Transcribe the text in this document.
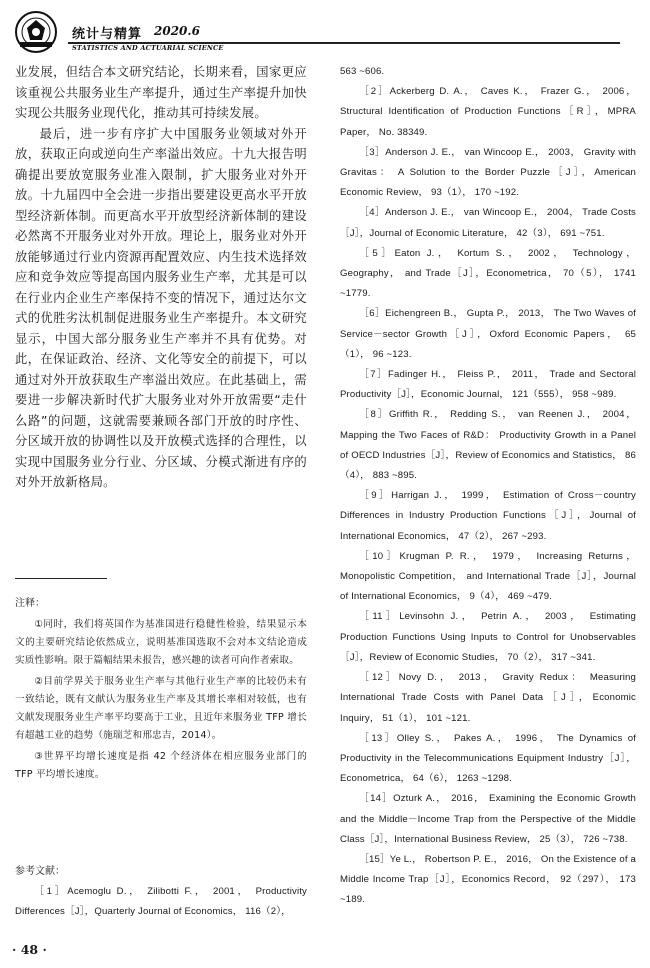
统计与精算 2020.6
STATISTICS AND ACTUARIAL SCIENCE

业发展，但结合本文研究结论，长期来看，国家更应该重视公共服务业生产率提升，通过生产率提升加快实现公共服务业现代化，推动其可持续发展。

最后，进一步有序扩大中国服务业领域对外开放，获取正向或逆向生产率溢出效应。十九大报告明确提出要放宽服务业准入限制，扩大服务业对外开放。十九届四中全会进一步指出要建设更高水平开放型经济新体制。而更高水平开放型经济新体制的建设必然离不开服务业对外开放。理论上，服务业对外开放能够通过行业内资源再配置效应、内生技术选择效应和竞争效应等提高国内服务业生产率，尤其是可以在行业内企业生产率保持不变的情况下，通过达尔文式的优胜劣汰机制促进服务业生产率提升。本文研究显示，中国大部分服务业生产率并不具有优势。对此，在保证政治、经济、文化等安全的前提下，可以通过对外开放获取生产率溢出效应。在此基础上，需要进一步解决新时代扩大服务业对外开放需要“走什么路”的问题，这就需要兼顾各部门开放的时序性、分区域开放的协调性以及开放模式选择的合理性，以实现中国服务业分行业、分区域、分模式渐进有序的对外开放新格局。

注释：

①同时，我们将英国作为基准国进行稳健性检验，结果显示本文的主要研究结论依然成立，说明基准国选取不会对本文结论造成实质性影响。限于篇幅结果未报告，感兴趣的读者可向作者索取。

②目前学界关于服务业生产率与其他行业生产率的比较仍未有一致结论，既有文献认为服务业生产率及其增长率相对较低，也有文献发现服务业生产率平均要高于工业，且近年来服务业 TFP 增长有超越工业的趋势（施瑞芝和邢忠吉，2014）。

③世界平均增长速度是指 42 个经济体在相应服务业部门的 TFP 平均增长速度。

参考文献：

［1］Acemoglu D.， Zilibotti F.， 2001， Productivity Differences［J］，Quarterly Journal of Economics， 116（2），

563 ~606.

［2］Ackerberg D. A.， Caves K.， Frazer G.， 2006， Structural Identification of Production Functions［R］，MPRA Paper， No. 38349.

［3］Anderson J. E.， van Wincoop E.， 2003， Gravity with Gravitas： A Solution to the Border Puzzle［J］，American Economic Review， 93（1）， 170 ~192.

［4］Anderson J. E.， van Wincoop E.， 2004， Trade Costs［J］，Journal of Economic Literature， 42（3）， 691 ~751.

［5］Eaton J.， Kortum S.， 2002， Technology， Geography， and Trade［J］，Econometrica， 70（5）， 1741 ~1779.

［6］Eichengreen B.， Gupta P.， 2013， The Two Waves of Service－sector Growth［J］，Oxford Economic Papers， 65（1）， 96 ~123.

［7］Fadinger H.， Fleiss P.， 2011， Trade and Sectoral Productivity［J］，Economic Journal， 121（555）， 958 ~989.

［8］Griffith R.， Redding S.， van Reenen J.， 2004， Mapping the Two Faces of R&D： Productivity Growth in a Panel of OECD Industries［J］，Review of Economics and Statistics， 86（4）， 883 ~895.

［9］Harrigan J.， 1999， Estimation of Cross－country Differences in Industry Production Functions［J］，Journal of International Economics， 47（2）， 267 ~293.

［10］Krugman P. R.， 1979， Increasing Returns， Monopolistic Competition， and International Trade［J］，Journal of International Economics， 9（4）， 469 ~479.

［11］Levinsohn J.， Petrin A.， 2003， Estimating Production Functions Using Inputs to Control for Unobservables［J］，Review of Economic Studies， 70（2）， 317 ~341.

［12］Novy D.， 2013， Gravity Redux： Measuring International Trade Costs with Panel Data［J］，Economic Inquiry， 51（1）， 101 ~121.

［13］Olley S.， Pakes A.， 1996， The Dynamics of Productivity in the Telecommunications Equipment Industry［J］，Econometrica， 64（6）， 1263 ~1298.

［14］Ozturk A.， 2016， Examining the Economic Growth and the Middle－Income Trap from the Perspective of the Middle Class［J］，International Business Review， 25（3）， 726 ~738.

［15］Ye L.， Robertson P. E.， 2016， On the Existence of a Middle Income Trap［J］，Economics Record， 92（297）， 173 ~189.

· 48 ·
